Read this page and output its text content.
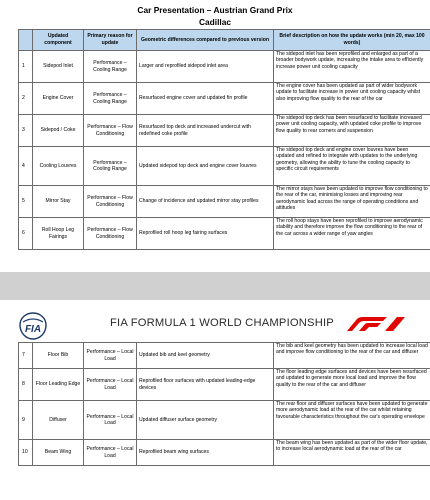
Car Presentation – Austrian Grand Prix
Cadillac
	Updated component	Primary reason for update	Geometric differences compared to previous version	Brief description on how the update works (min 20, max 100 words)
1	Sidepod Inlet	Performance – Cooling Range	Larger and reprofiled sidepod inlet area	The sidepod inlet has been reprofiled and enlarged as part of a broader bodywork update, increasing the intake area to efficiently increase power unit cooling capacity
2	Engine Cover	Performance – Cooling Range	Resurfaced engine cover and updated fin profile	The engine cover has been updated as part of wider bodywork update to facilitate increase in power unit cooling capacity whilst also improving flow quality to the rear of the car
3	Sidepod / Coke	Performance – Flow Conditioning	Resurfaced top deck and increased undercut with redefined coke profile	The sidepod top deck has been resurfaced to facilitate increased power unit cooling capacity, with updated coke profile to improve flow quality to rear corners and suspension
4	Cooling Louvres	Performance – Cooling Range	Updated sidepod top deck and engine cover louvres	The sidepod top deck and engine cover louvres have been updated and refined to integrate with updates to the underlying geometry, allowing the ability to tune the cooling capacity to specific circuit requirements
5	Mirror Stay	Performance – Flow Conditioning	Change of incidence and updated mirror stay profiles	The mirror stays have been updated to improve flow conditioning to the rear of the car, minimising losses and improving rear aerodynamic load across the range of operating conditions and attitudes
6	Roll Hoop Leg Fairings	Performance – Flow Conditioning	Reprofiled roll hoop leg fairing surfaces	The roll hoop stays have been reprofiled to improve aerodynamic stability and therefore improve the flow conditioning to the rear of the car across a wider range of yaw angles
FIA
FIA FORMULA 1 WORLD CHAMPIONSHIP
7	Floor Bib	Performance – Local Load	Updated bib and keel geometry	The bib and keel geometry has been updated to increase local load and improve flow conditioning to the rear of the car and diffuser
8	Floor Leading Edge	Performance – Local Load	Reprofiled floor surfaces with updated leading-edge devices	The floor leading edge surfaces and devices have been resurfaced and updated to generate more local load and improve the flow quality to the rear of the car and diffuser
9	Diffuser	Performance – Local Load	Updated diffuser surface geometry	The rear floor and diffuser surfaces have been updated to generate more aerodynamic load at the rear of the car whilst retaining favourable characteristics throughout the car's operating envelope
10	Beam Wing	Performance – Local Load	Reprofiled beam wing surfaces	The beam wing has been updated as part of the wider floor update, to increase local aerodynamic load at the rear of the car
